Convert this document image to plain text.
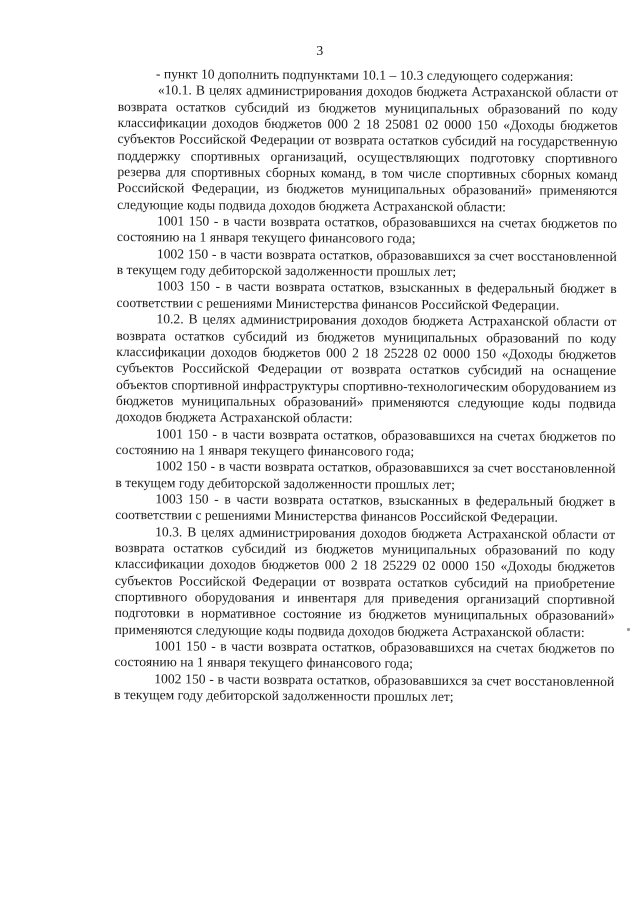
3

- пункт 10 дополнить подпунктами 10.1 – 10.3 следующего содержания:

«10.1. В целях администрирования доходов бюджета Астраханской области от возврата остатков субсидий из бюджетов муниципальных образований по коду классификации доходов бюджетов 000 2 18 25081 02 0000 150 «Доходы бюджетов субъектов Российской Федерации от возврата остатков субсидий на государственную поддержку спортивных организаций, осуществляющих подготовку спортивного резерва для спортивных сборных команд, в том числе спортивных сборных команд Российской Федерации, из бюджетов муниципальных образований» применяются следующие коды подвида доходов бюджета Астраханской области:

1001 150 - в части возврата остатков, образовавшихся на счетах бюджетов по состоянию на 1 января текущего финансового года;

1002 150 - в части возврата остатков, образовавшихся за счет восстановленной в текущем году дебиторской задолженности прошлых лет;

1003 150 - в части возврата остатков, взысканных в федеральный бюджет в соответствии с решениями Министерства финансов Российской Федерации.

10.2. В целях администрирования доходов бюджета Астраханской области от возврата остатков субсидий из бюджетов муниципальных образований по коду классификации доходов бюджетов 000 2 18 25228 02 0000 150 «Доходы бюджетов субъектов Российской Федерации от возврата остатков субсидий на оснащение объектов спортивной инфраструктуры спортивно-технологическим оборудованием из бюджетов муниципальных образований» применяются следующие коды подвида доходов бюджета Астраханской области:

1001 150 - в части возврата остатков, образовавшихся на счетах бюджетов по состоянию на 1 января текущего финансового года;

1002 150 - в части возврата остатков, образовавшихся за счет восстановленной в текущем году дебиторской задолженности прошлых лет;

1003 150 - в части возврата остатков, взысканных в федеральный бюджет в соответствии с решениями Министерства финансов Российской Федерации.

10.3. В целях администрирования доходов бюджета Астраханской области от возврата остатков субсидий из бюджетов муниципальных образований по коду классификации доходов бюджетов 000 2 18 25229 02 0000 150 «Доходы бюджетов субъектов Российской Федерации от возврата остатков субсидий на приобретение спортивного оборудования и инвентаря для приведения организаций спортивной подготовки в нормативное состояние из бюджетов муниципальных образований» применяются следующие коды подвида доходов бюджета Астраханской области:

1001 150 - в части возврата остатков, образовавшихся на счетах бюджетов по состоянию на 1 января текущего финансового года;

1002 150 - в части возврата остатков, образовавшихся за счет восстановленной в текущем году дебиторской задолженности прошлых лет;
